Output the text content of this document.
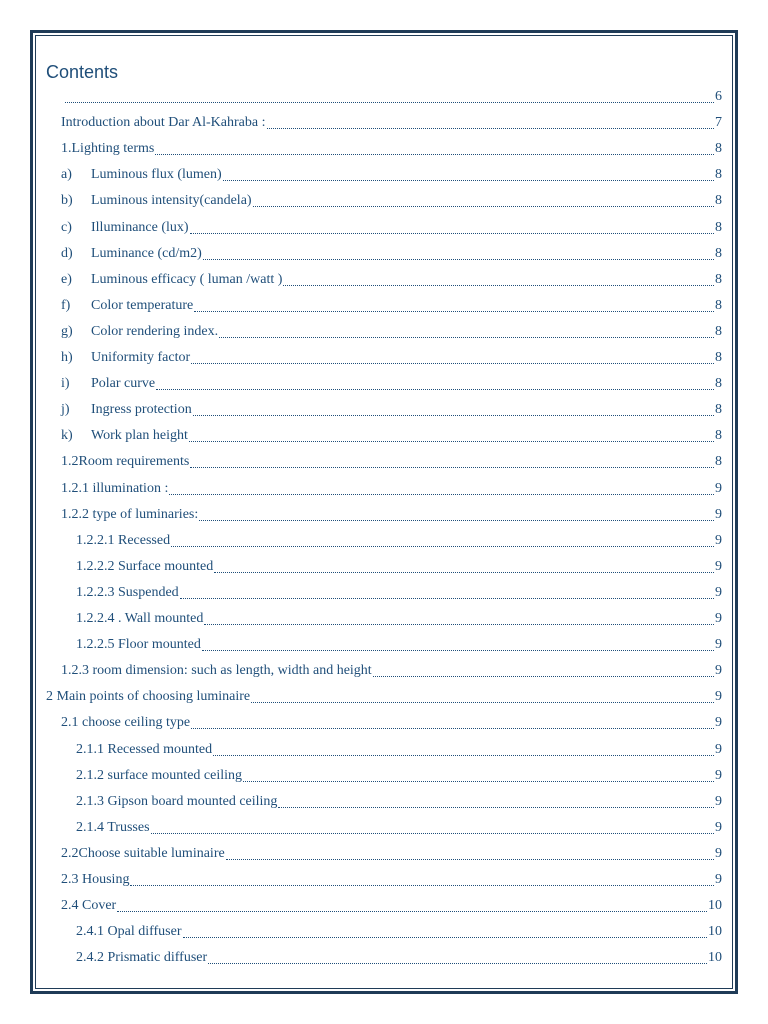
Contents
6
Introduction about Dar Al-Kahraba :	7
1.Lighting terms	8
a)	Luminous flux (lumen)	8
b)	Luminous intensity(candela)	8
c)	Illuminance (lux)	8
d)	Luminance (cd/m2)	8
e)	Luminous efficacy ( luman /watt )	8
f)	Color temperature	8
g)	Color rendering index.	8
h)	Uniformity factor	8
i)	Polar curve	8
j)	Ingress protection	8
k)	Work plan height	8
1.2Room requirements	8
1.2.1 illumination :	9
1.2.2 type of luminaries:	9
1.2.2.1 Recessed	9
1.2.2.2 Surface mounted	9
1.2.2.3 Suspended	9
1.2.2.4 . Wall mounted	9
1.2.2.5 Floor mounted	9
1.2.3 room dimension: such as length, width and height	9
2 Main points of choosing luminaire	9
2.1 choose ceiling type	9
2.1.1 Recessed mounted	9
2.1.2 surface mounted ceiling	9
2.1.3 Gipson board mounted ceiling	9
2.1.4 Trusses	9
2.2Choose suitable luminaire	9
2.3 Housing	9
2.4 Cover	10
2.4.1 Opal diffuser	10
2.4.2 Prismatic diffuser	10
